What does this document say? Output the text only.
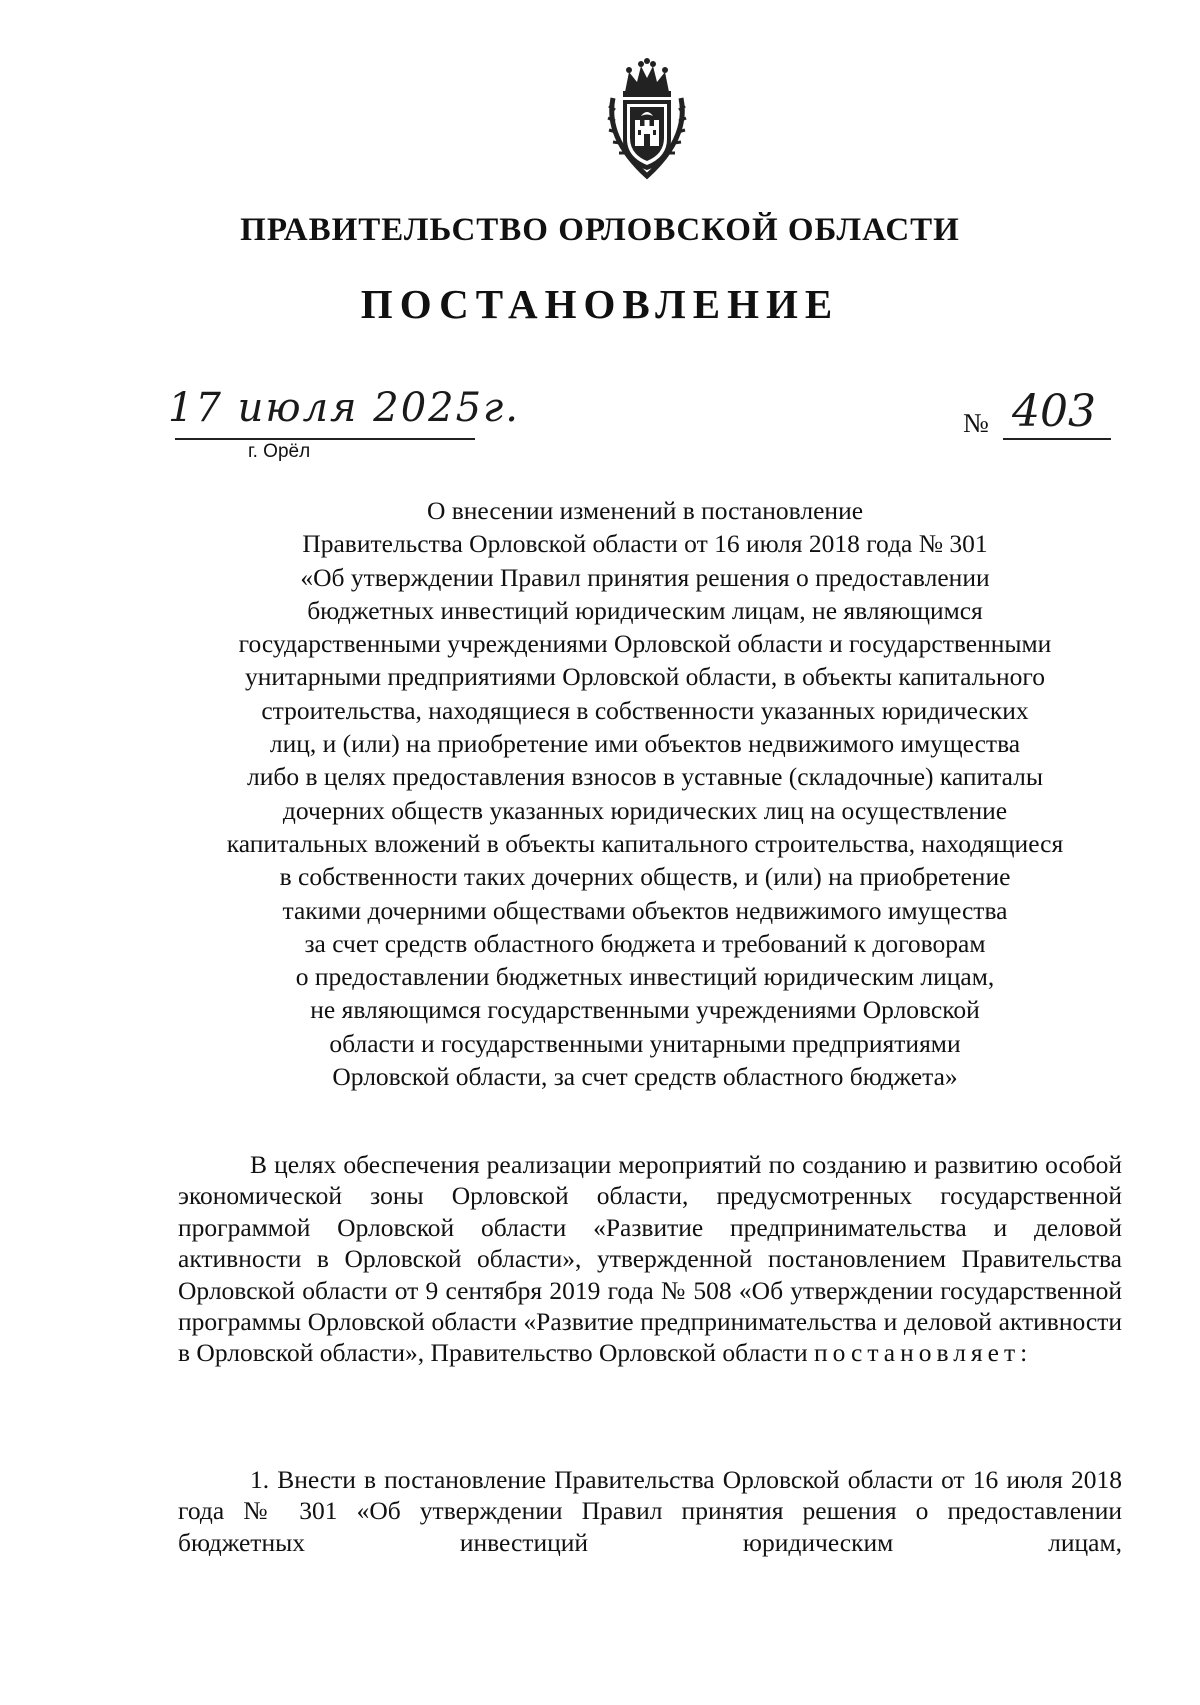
ПРАВИТЕЛЬСТВО ОРЛОВСКОЙ ОБЛАСТИ
ПОСТАНОВЛЕНИЕ
17 июля 2025г.
г. Орёл
№ 403
О внесении изменений в постановление
Правительства Орловской области от 16 июля 2018 года № 301
«Об утверждении Правил принятия решения о предоставлении
бюджетных инвестиций юридическим лицам, не являющимся
государственными учреждениями Орловской области и государственными
унитарными предприятиями Орловской области, в объекты капитального
строительства, находящиеся в собственности указанных юридических
лиц, и (или) на приобретение ими объектов недвижимого имущества
либо в целях предоставления взносов в уставные (складочные) капиталы
дочерних обществ указанных юридических лиц на осуществление
капитальных вложений в объекты капитального строительства, находящиеся
в собственности таких дочерних обществ, и (или) на приобретение
такими дочерними обществами объектов недвижимого имущества
за счет средств областного бюджета и требований к договорам
о предоставлении бюджетных инвестиций юридическим лицам,
не являющимся государственными учреждениями Орловской
области и государственными унитарными предприятиями
Орловской области, за счет средств областного бюджета»
В целях обеспечения реализации мероприятий по созданию и развитию особой экономической зоны Орловской области, предусмотренных государственной программой Орловской области «Развитие предпринимательства и деловой активности в Орловской области», утвержденной постановлением Правительства Орловской области от 9 сентября 2019 года № 508 «Об утверждении государственной программы Орловской области «Развитие предпринимательства и деловой активности в Орловской области», Правительство Орловской области постановляет:
1. Внести в постановление Правительства Орловской области от 16 июля 2018 года № 301 «Об утверждении Правил принятия решения о предоставлении бюджетных инвестиций юридическим лицам,
